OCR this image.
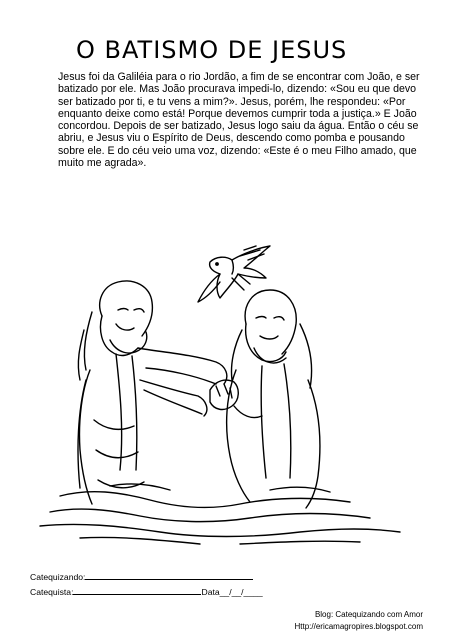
O BATISMO DE JESUS
Jesus foi da Galiléia para o rio Jordão, a fim de se encontrar com João, e ser batizado por ele. Mas João procurava impedi-lo, dizendo: «Sou eu que devo ser batizado por ti, e tu vens a mim?». Jesus, porém, lhe respondeu: «Por enquanto deixe como está! Porque devemos cumprir toda a justiça.» E João concordou. Depois de ser batizado, Jesus logo saiu da água. Então o céu se abriu, e Jesus viu o Espírito de Deus, descendo como pomba e pousando sobre ele. E do céu veio uma voz, dizendo: «Este é o meu Filho amado, que muito me agrada».
Catequizando:
Catequista:	Data__/__/____
Blog: Catequizando com Amor
Http://ericamagropires.blogspot.com
